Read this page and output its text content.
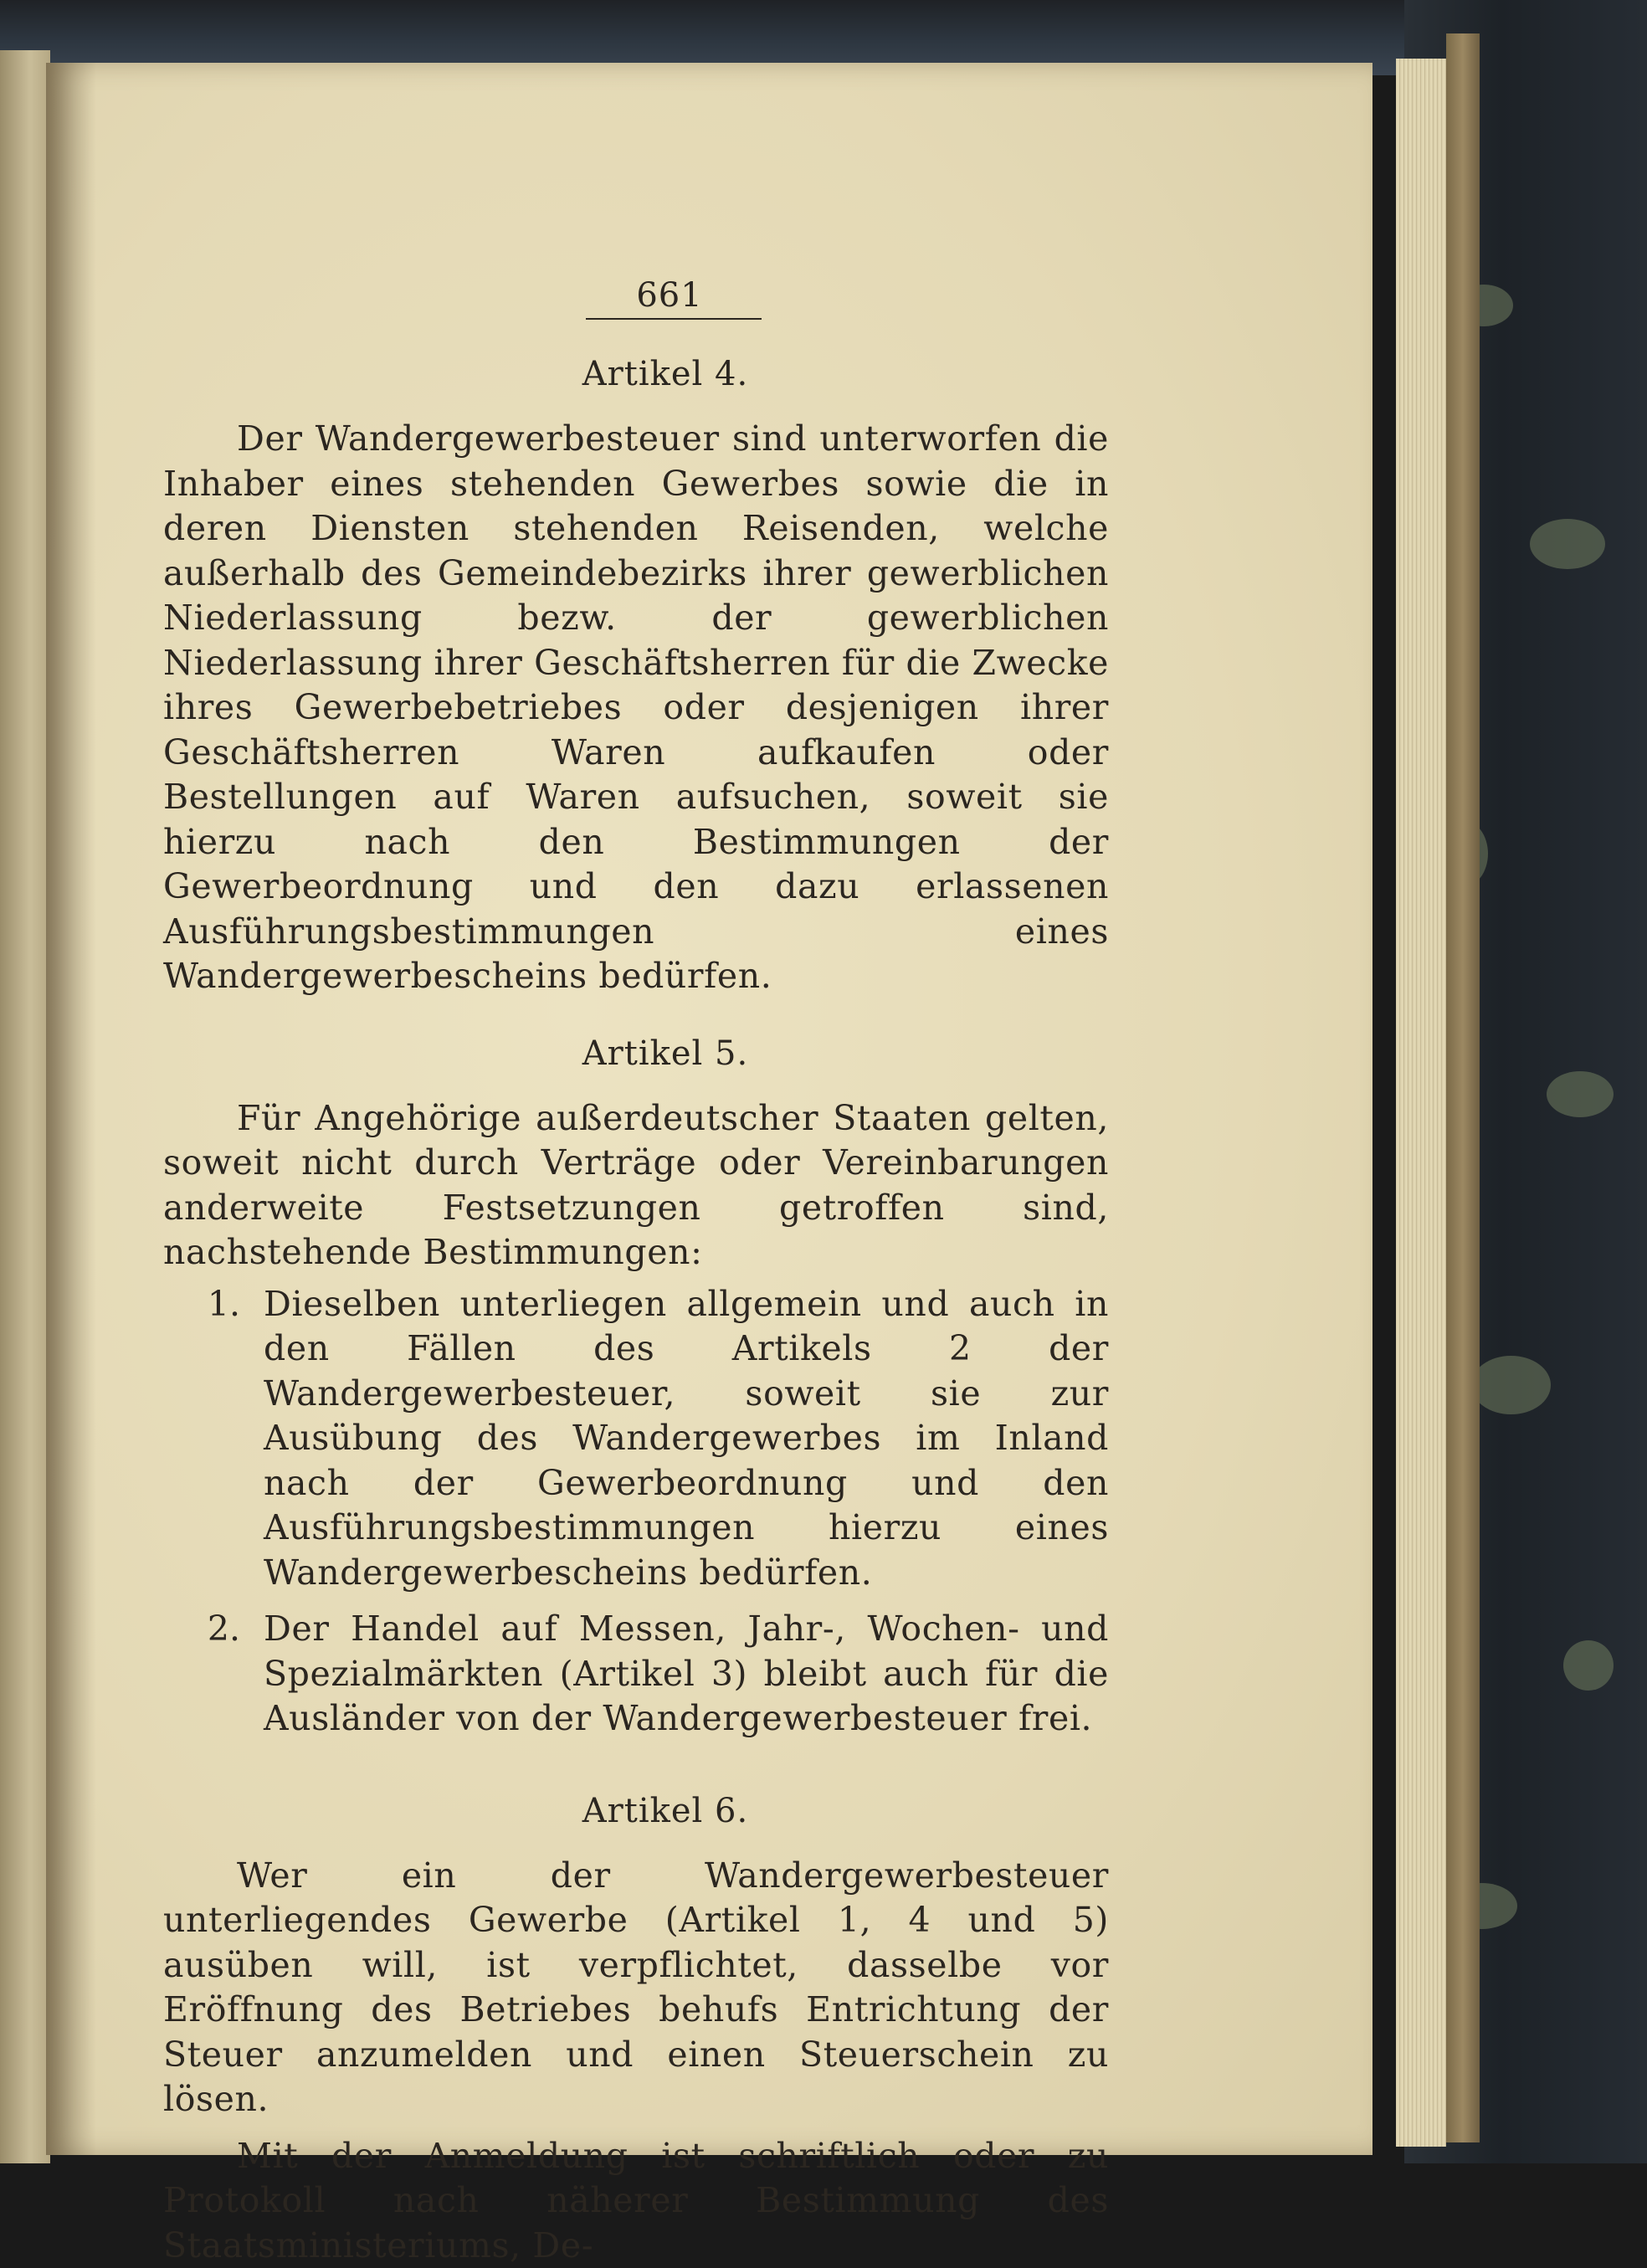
661
Artikel 4.

Der Wandergewerbesteuer sind unterworfen die Inhaber eines stehenden Gewerbes sowie die in deren Diensten stehenden Reisenden, welche außerhalb des Gemeindebezirks ihrer gewerblichen Niederlassung bezw. der gewerblichen Niederlassung ihrer Geschäftsherren für die Zwecke ihres Gewerbebetriebes oder desjenigen ihrer Geschäftsherren Waren aufkaufen oder Bestellungen auf Waren aufsuchen, soweit sie hierzu nach den Bestimmungen der Gewerbeordnung und den dazu erlassenen Ausführungsbestimmungen eines Wandergewerbescheins bedürfen.

Artikel 5.

Für Angehörige außerdeutscher Staaten gelten, soweit nicht durch Verträge oder Vereinbarungen anderweite Festsetzungen getroffen sind, nachstehende Bestimmungen:

1. Dieselben unterliegen allgemein und auch in den Fällen des Artikels 2 der Wandergewerbesteuer, soweit sie zur Ausübung des Wandergewerbes im Inland nach der Gewerbeordnung und den Ausführungsbestimmungen hierzu eines Wandergewerbescheins bedürfen.
2. Der Handel auf Messen, Jahr-, Wochen- und Spezialmärkten (Artikel 3) bleibt auch für die Ausländer von der Wandergewerbesteuer frei.
Artikel 6.

Wer ein der Wandergewerbesteuer unterliegendes Gewerbe (Artikel 1, 4 und 5) ausüben will, ist verpflichtet, dasselbe vor Eröffnung des Betriebes behufs Entrichtung der Steuer anzumelden und einen Steuerschein zu lösen.

Mit der Anmeldung ist schriftlich oder zu Protokoll nach näherer Bestimmung des Staatsministeriums, De-
